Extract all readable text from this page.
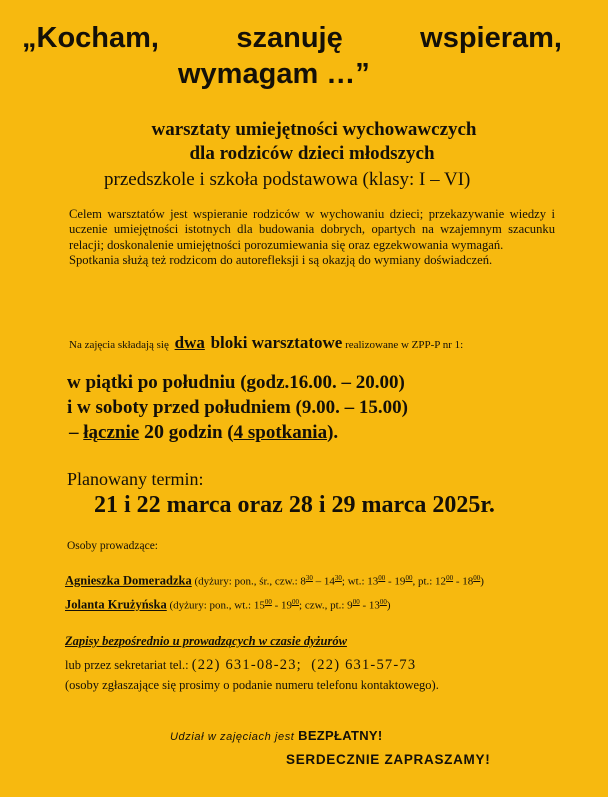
„Kocham,	szanuję	wspieram,
wymagam …”
warsztaty umiejętności wychowawczych
dla rodziców dzieci młodszych
przedszkole i szkoła podstawowa (klasy: I – VI)

Celem warsztatów jest wspieranie rodziców w wychowaniu dzieci; przekazywanie wiedzy i uczenie umiejętności istotnych dla budowania dobrych, opartych na wzajemnym szacunku relacji; doskonalenie umiejętności porozumiewania się oraz egzekwowania wymagań.

Spotkania służą też rodzicom do autorefleksji i są okazją do wymiany doświadczeń.

Na zajęcia składają się dwa bloki warsztatowe realizowane w ZPP-P nr 1:
w piątki po południu (godz.16.00. – 20.00)
i w soboty przed południem (9.00. – 15.00)
– łącznie 20 godzin (4 spotkania).
Planowany termin:
21 i 22 marca oraz 28 i 29 marca 2025r.
Osoby prowadzące:
Agnieszka Domeradzka (dyżury: pon., śr., czw.: $8^{30} - 14^{30}$; wt.: $13^{00} - 19^{00}$, pt.: $12^{00} - 18^{00}$)
Jolanta Krużyńska (dyżury: pon., wt.: $15^{00} - 19^{00}$; czw., pt.: $9^{00} - 13^{00}$)
Zapisy bezpośrednio u prowadzących w czasie dyżurów
lub przez sekretariat tel.: (22) 631-08-23; (22) 631-57-73
(osoby zgłaszające się prosimy o podanie numeru telefonu kontaktowego).
Udział w zajęciach jest BEZPŁATNY!
SERDECZNIE ZAPRASZAMY!
